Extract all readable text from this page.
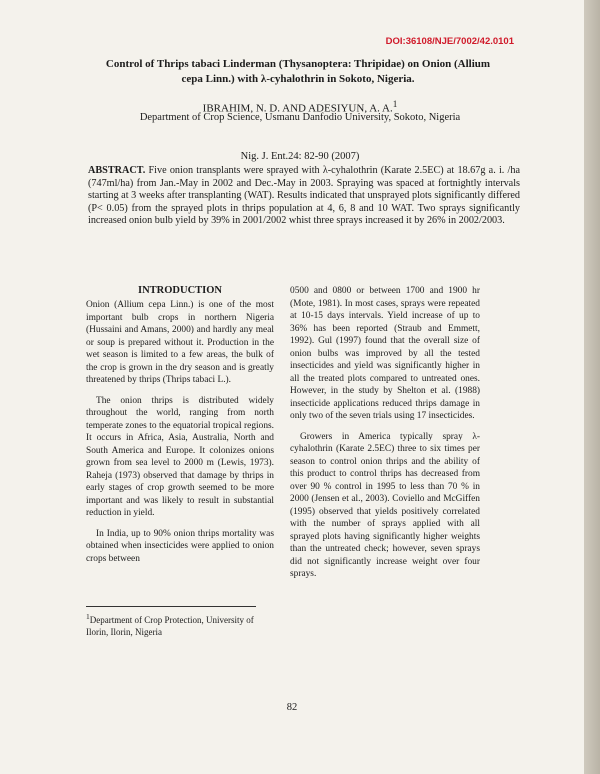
DOI:36108/NJE/7002/42.0101
Control of Thrips tabaci Linderman (Thysanoptera: Thripidae) on Onion (Allium
cepa Linn.) with λ-cyhalothrin in Sokoto, Nigeria.
IBRAHIM, N. D. AND ADESIYUN, A. A.$^1$
Department of Crop Science, Usmanu Danfodio University, Sokoto, Nigeria
Nig. J. Ent.24: 82-90 (2007)
ABSTRACT. Five onion transplants were sprayed with λ-cyhalothrin (Karate 2.5EC) at 18.67g a. i. /ha (747ml/ha) from Jan.-May in 2002 and Dec.-May in 2003. Spraying was spaced at fortnightly intervals starting at 3 weeks after transplanting (WAT). Results indicated that unsprayed plots significantly differed (P< 0.05) from the sprayed plots in thrips population at 4, 6, 8 and 10 WAT. Two sprays significantly increased onion bulb yield by 39% in 2001/2002 whist three sprays increased it by 26% in 2002/2003.
INTRODUCTION

Onion (Allium cepa Linn.) is one of the most important bulb crops in northern Nigeria (Hussaini and Amans, 2000) and hardly any meal or soup is prepared without it. Production in the wet season is limited to a few areas, the bulk of the crop is grown in the dry season and is greatly threatened by thrips (Thrips tabaci L.).

The onion thrips is distributed widely throughout the world, ranging from north temperate zones to the equatorial tropical regions. It occurs in Africa, Asia, Australia, North and South America and Europe. It colonizes onions grown from sea level to 2000 m (Lewis, 1973). Raheja (1973) observed that damage by thrips in early stages of crop growth seemed to be more important and was likely to result in substantial reduction in yield.

In India, up to 90% onion thrips mortality was obtained when insecticides were applied to onion crops between

0500 and 0800 or between 1700 and 1900 hr (Mote, 1981). In most cases, sprays were repeated at 10-15 days intervals. Yield increase of up to 36% has been reported (Straub and Emmett, 1992). Gul (1997) found that the overall size of onion bulbs was improved by all the tested insecticides and yield was significantly higher in all the treated plots compared to untreated ones. However, in the study by Shelton et al. (1988) insecticide applications reduced thrips damage in only two of the seven trials using 17 insecticides.

Growers in America typically spray λ-cyhalothrin (Karate 2.5EC) three to six times per season to control onion thrips and the ability of this product to control thrips has decreased from over 90 % control in 1995 to less than 70 % in 2000 (Jensen et al., 2003). Coviello and McGiffen (1995) observed that yields positively correlated with the number of sprays applied with all sprayed plots having significantly higher weights than the untreated check; however, seven sprays did not significantly increase weight over four sprays.

$^1$Department of Crop Protection, University of Ilorin, Ilorin, Nigeria
82
